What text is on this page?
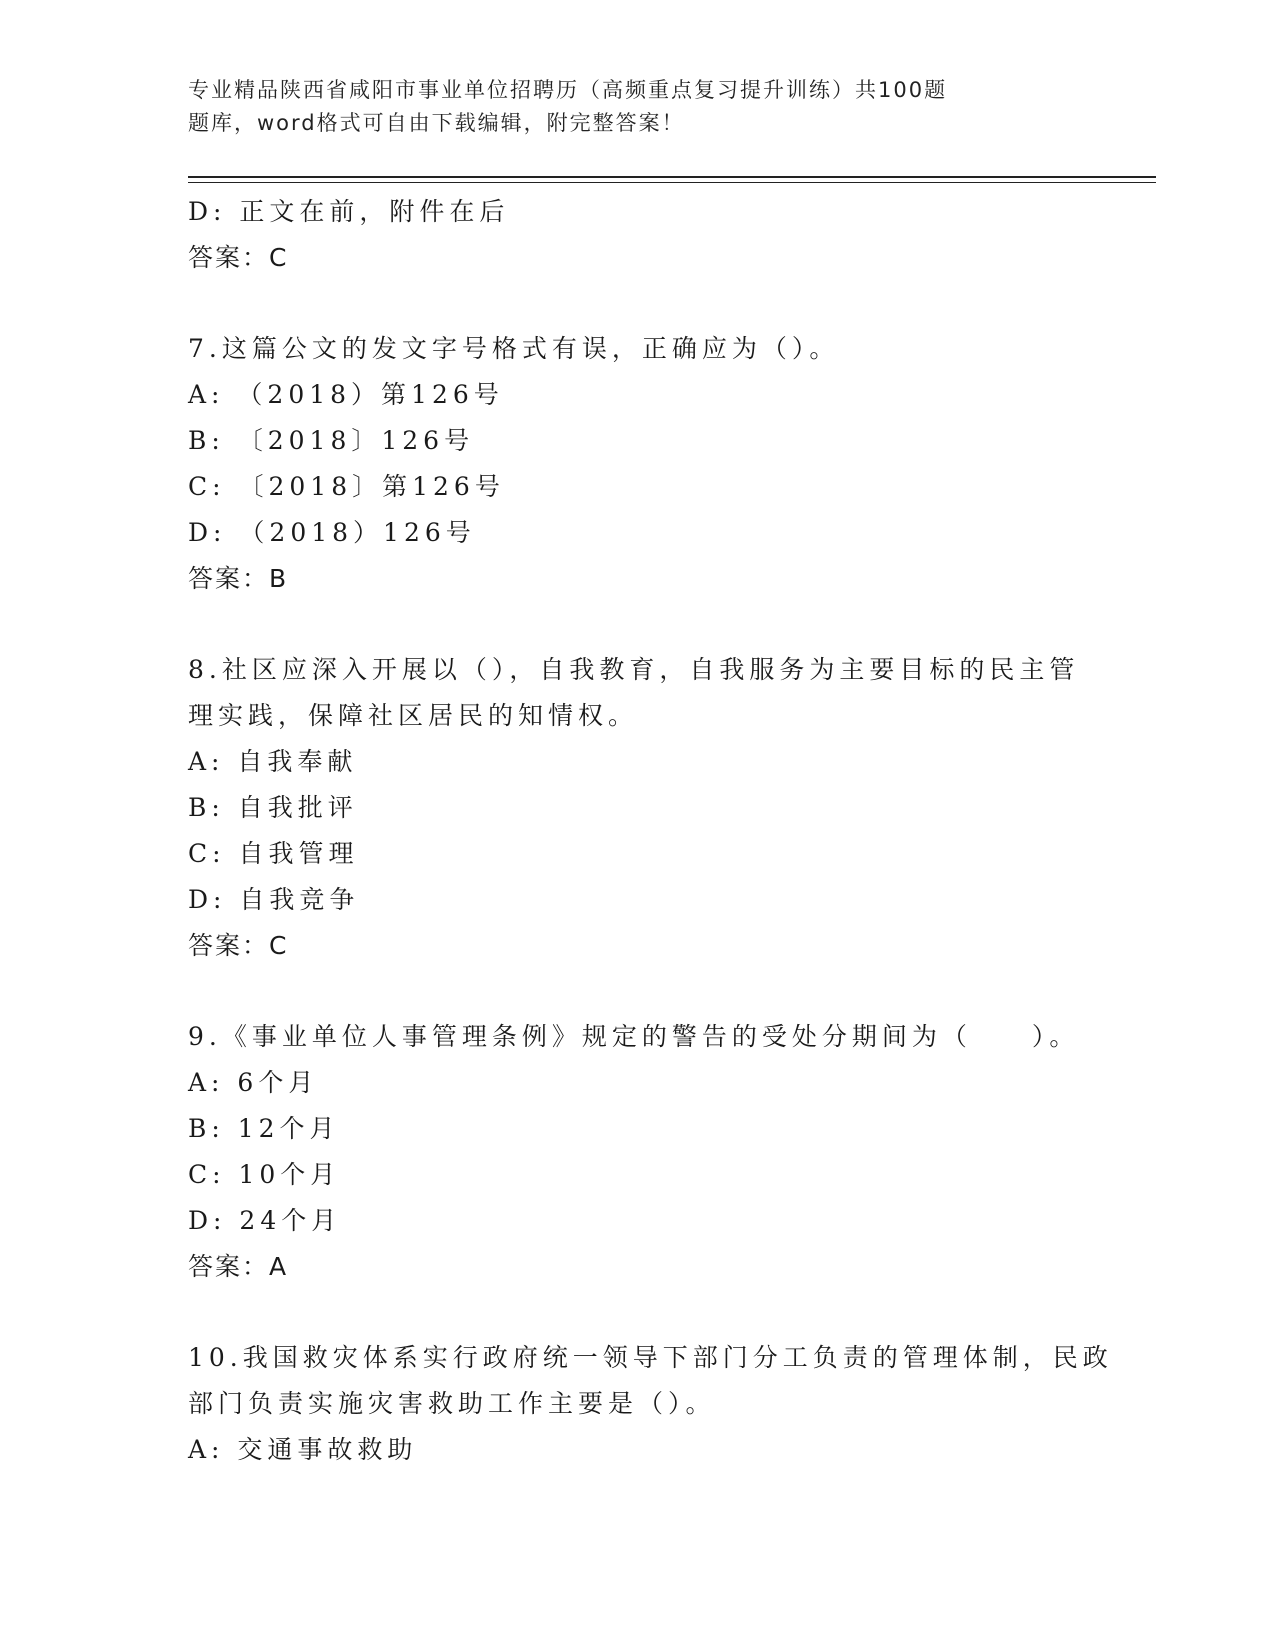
专业精品陕西省咸阳市事业单位招聘历（高频重点复习提升训练）共100题
题库，word格式可自由下载编辑，附完整答案！
D: 正文在前，附件在后
答案：C
7.这篇公文的发文字号格式有误，正确应为（）。
A: （2018）第126号
B: 〔2018〕126号
C: 〔2018〕第126号
D: （2018）126号
答案：B
8.社区应深入开展以（），自我教育，自我服务为主要目标的民主管
理实践，保障社区居民的知情权。
A: 自我奉献
B: 自我批评
C: 自我管理
D: 自我竞争
答案：C
9.《事业单位人事管理条例》规定的警告的受处分期间为（　　）。
A: 6个月
B: 12个月
C: 10个月
D: 24个月
答案：A
10.我国救灾体系实行政府统一领导下部门分工负责的管理体制，民政
部门负责实施灾害救助工作主要是（）。
A: 交通事故救助
